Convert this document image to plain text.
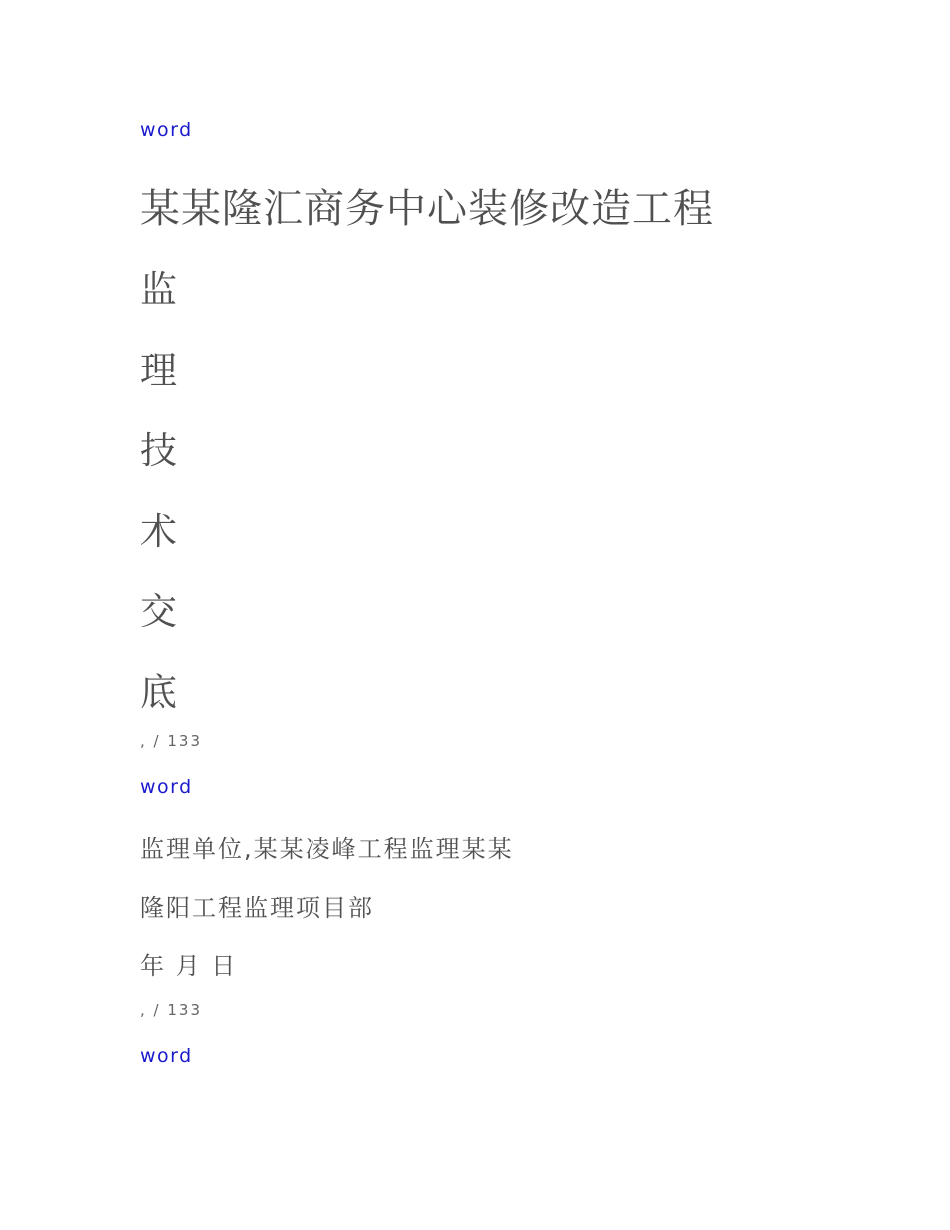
word
某某隆汇商务中心装修改造工程
监
理
技
术
交
底
, / 133
word
监理单位,某某凌峰工程监理某某
隆阳工程监理项目部
年 月 日
, / 133
word
